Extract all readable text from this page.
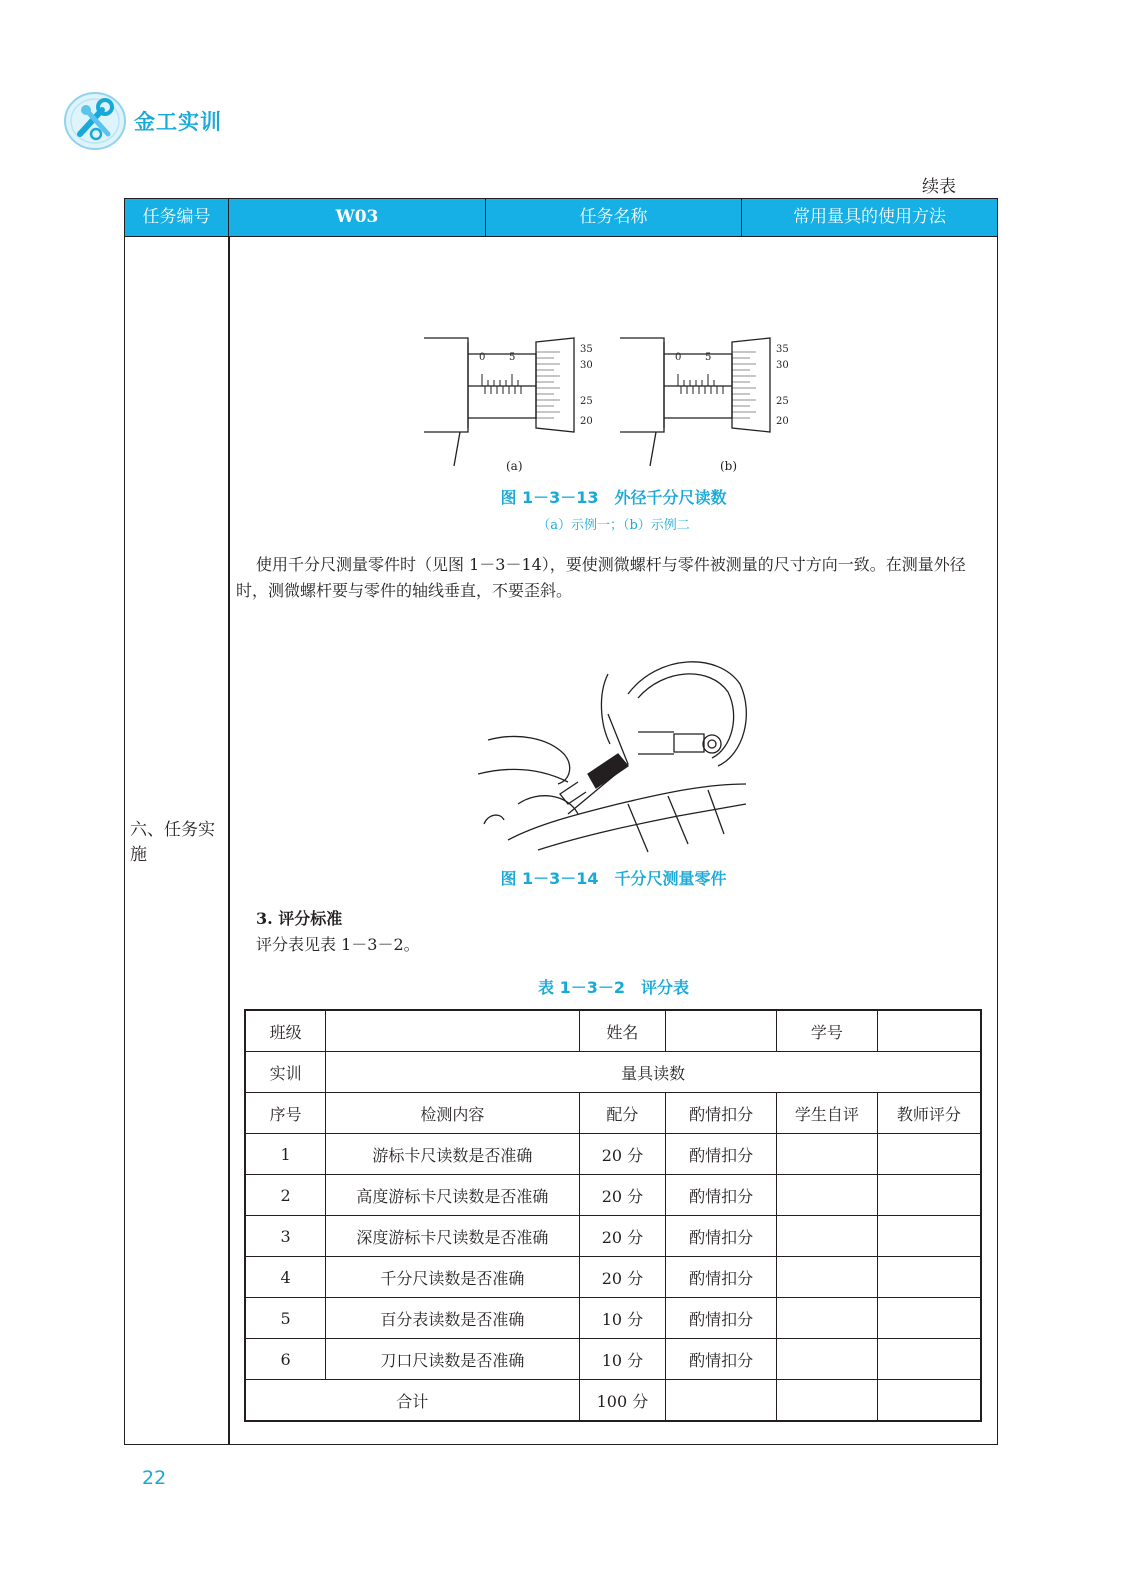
金工实训
续表
任务编号	W03	任务名称	常用量具的使用方法
六、任务实施
0 5
35
30
25
20
0 5
35
30
25
20
(a)	(b)
图 1－3－13　外径千分尺读数
（a）示例一；（b）示例二
使用千分尺测量零件时（见图 1－3－14），要使测微螺杆与零件被测量的尺寸方向一致。在测量外径时，测微螺杆要与零件的轴线垂直，不要歪斜。
图 1－3－14　千分尺测量零件
3. 评分标准
评分表见表 1－3－2。
表 1－3－2　评分表
班级		姓名		学号	
实训	量具读数				
序号	检测内容	配分	酌情扣分	学生自评	教师评分
1	游标卡尺读数是否准确	20 分	酌情扣分		
2	高度游标卡尺读数是否准确	20 分	酌情扣分		
3	深度游标卡尺读数是否准确	20 分	酌情扣分		
4	千分尺读数是否准确	20 分	酌情扣分		
5	百分表读数是否准确	10 分	酌情扣分		
6	刀口尺读数是否准确	10 分	酌情扣分		
合计		100 分			
22
